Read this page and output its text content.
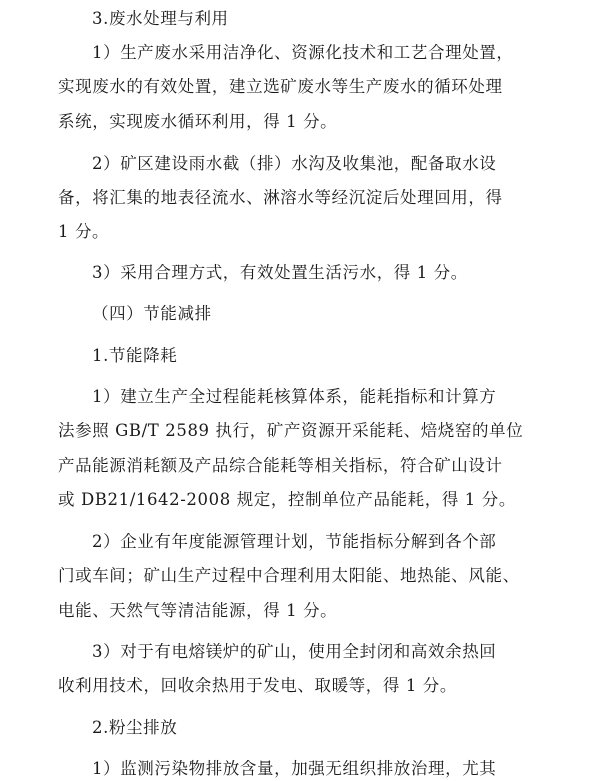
3.废水处理与利用
1）生产废水采用洁净化、资源化技术和工艺合理处置，
实现废水的有效处置，建立选矿废水等生产废水的循环处理
系统，实现废水循环利用，得 1 分。
2）矿区建设雨水截（排）水沟及收集池，配备取水设
备，将汇集的地表径流水、淋溶水等经沉淀后处理回用，得
1 分。
3）采用合理方式，有效处置生活污水，得 1 分。
（四）节能减排
1.节能降耗
1）建立生产全过程能耗核算体系，能耗指标和计算方
法参照 GB/T 2589 执行，矿产资源开采能耗、焙烧窑的单位
产品能源消耗额及产品综合能耗等相关指标，符合矿山设计
或 DB21/1642-2008 规定，控制单位产品能耗，得 1 分。
2）企业有年度能源管理计划，节能指标分解到各个部
门或车间；矿山生产过程中合理利用太阳能、地热能、风能、
电能、天然气等清洁能源，得 1 分。
3）对于有电熔镁炉的矿山，使用全封闭和高效余热回
收利用技术，回收余热用于发电、取暖等，得 1 分。
2.粉尘排放
1）监测污染物排放含量，加强无组织排放治理，尤其
